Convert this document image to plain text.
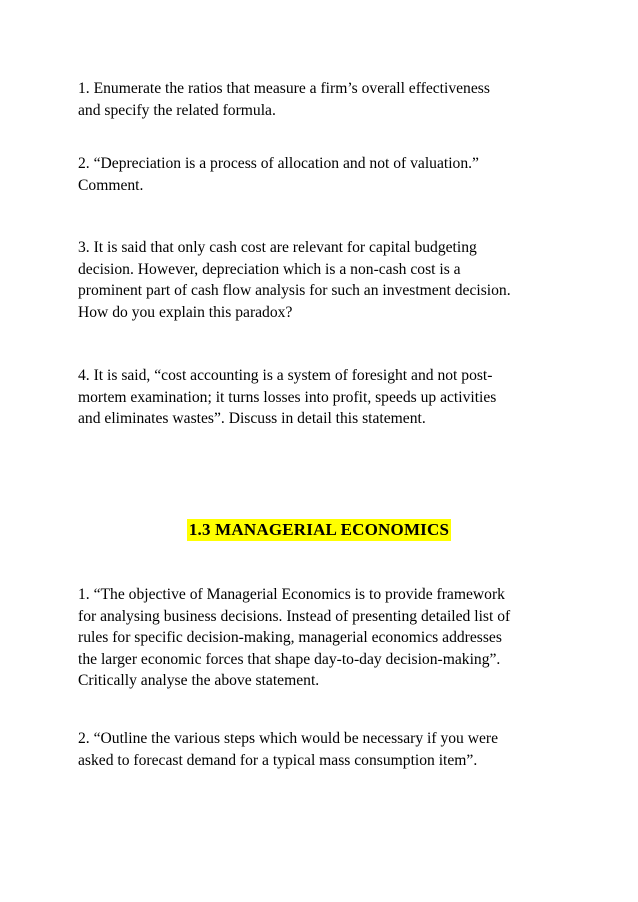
1. Enumerate the ratios that measure a firm’s overall effectiveness
and specify the related formula.

2. “Depreciation is a process of allocation and not of valuation.”
Comment.

3. It is said that only cash cost are relevant for capital budgeting
decision. However, depreciation which is a non-cash cost is a
prominent part of cash flow analysis for such an investment decision.
How do you explain this paradox?

4. It is said, “cost accounting is a system of foresight and not post-
mortem examination; it turns losses into profit, speeds up activities
and eliminates wastes”. Discuss in detail this statement.

1.3 MANAGERIAL ECONOMICS

1. “The objective of Managerial Economics is to provide framework
for analysing business decisions. Instead of presenting detailed list of
rules for specific decision-making, managerial economics addresses
the larger economic forces that shape day-to-day decision-making”.
Critically analyse the above statement.

2. “Outline the various steps which would be necessary if you were
asked to forecast demand for a typical mass consumption item”.
